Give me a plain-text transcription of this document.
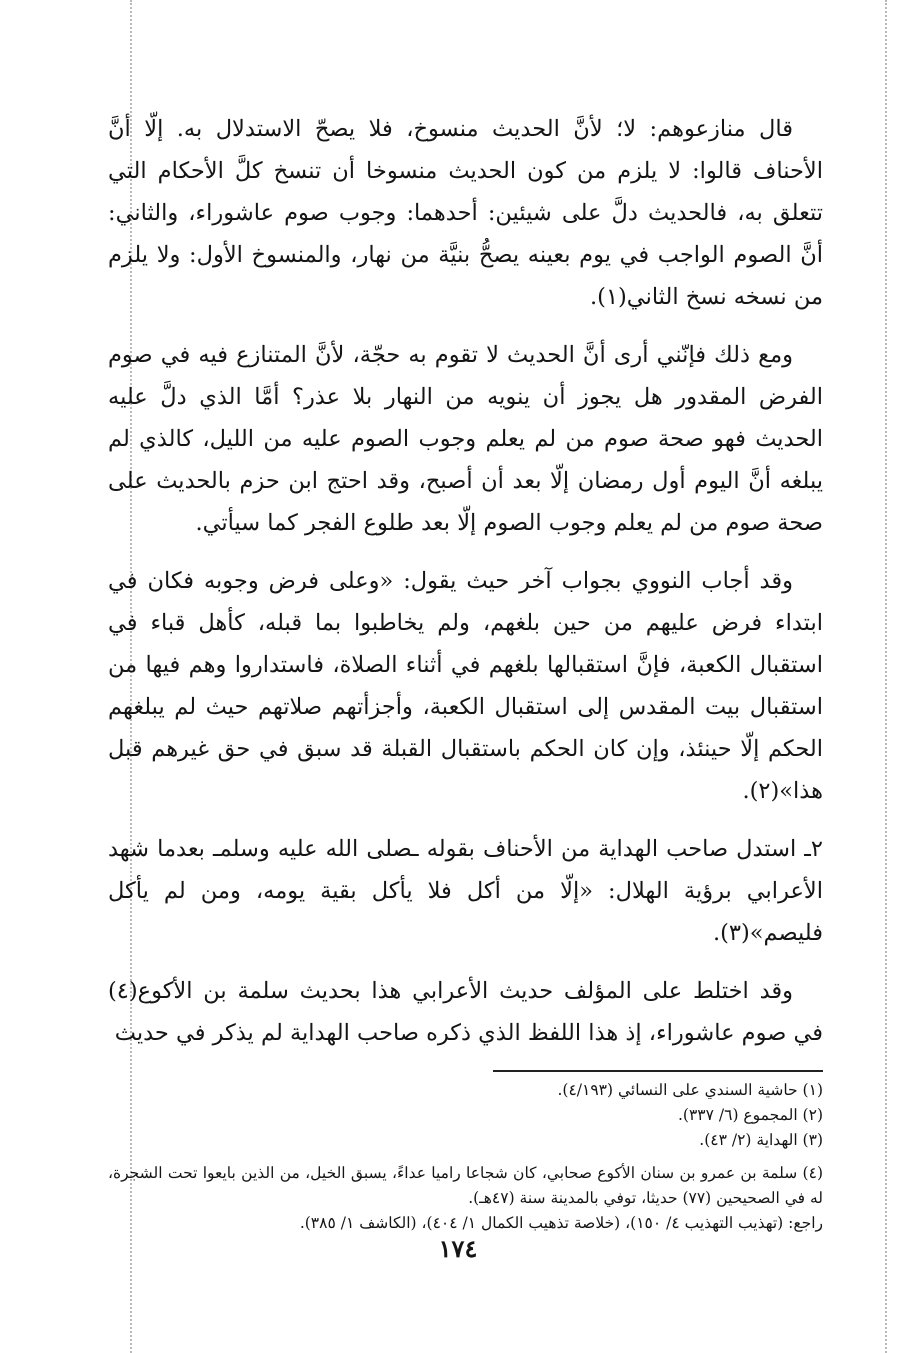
قال منازعوهم: لا؛ لأنَّ الحديث منسوخ، فلا يصحّ الاستدلال به. إلّا أنَّ الأحناف قالوا: لا يلزم من كون الحديث منسوخا أن تنسخ كلَّ الأحكام التي تتعلق به، فالحديث دلَّ على شيئين: أحدهما: وجوب صوم عاشوراء، والثاني: أنَّ الصوم الواجب في يوم بعينه يصحُّ بنيَّة من نهار، والمنسوخ الأول: ولا يلزم من نسخه نسخ الثاني(١).

ومع ذلك فإنّني أرى أنَّ الحديث لا تقوم به حجّة، لأنَّ المتنازع فيه في صوم الفرض المقدور هل يجوز أن ينويه من النهار بلا عذر؟ أمَّا الذي دلَّ عليه الحديث فهو صحة صوم من لم يعلم وجوب الصوم عليه من الليل، كالذي لم يبلغه أنَّ اليوم أول رمضان إلّا بعد أن أصبح، وقد احتج ابن حزم بالحديث على صحة صوم من لم يعلم وجوب الصوم إلّا بعد طلوع الفجر كما سيأتي.

وقد أجاب النووي بجواب آخر حيث يقول: «وعلى فرض وجوبه فكان في ابتداء فرض عليهم من حين بلغهم، ولم يخاطبوا بما قبله، كأهل قباء في استقبال الكعبة، فإنَّ استقبالها بلغهم في أثناء الصلاة، فاستداروا وهم فيها من استقبال بيت المقدس إلى استقبال الكعبة، وأجزأتهم صلاتهم حيث لم يبلغهم الحكم إلّا حينئذ، وإن كان الحكم باستقبال القبلة قد سبق في حق غيرهم قبل هذا»(٢).

٢ـ استدل صاحب الهداية من الأحناف بقوله ـصلى الله عليه وسلمـ بعدما شهد الأعرابي برؤية الهلال: «إلّا من أكل فلا يأكل بقية يومه، ومن لم يأكل فليصم»(٣).

وقد اختلط على المؤلف حديث الأعرابي هذا بحديث سلمة بن الأكوع(٤) في صوم عاشوراء، إذ هذا اللفظ الذي ذكره صاحب الهداية لم يذكر في حديث

(١) حاشية السندي على النسائي (٤/١٩٣).

(٢) المجموع (٦/ ٣٣٧).

(٣) الهداية (٢/ ٤٣).

(٤) سلمة بن عمرو بن سنان الأكوع صحابي، كان شجاعا راميا عداءً، يسبق الخيل، من الذين بايعوا تحت الشجرة، له في الصحيحين (٧٧) حديثا، توفي بالمدينة سنة (٤٧هـ).

راجع: (تهذيب التهذيب ٤/ ١٥٠)، (خلاصة تذهيب الكمال ١/ ٤٠٤)، (الكاشف ١/ ٣٨٥).

١٧٤
